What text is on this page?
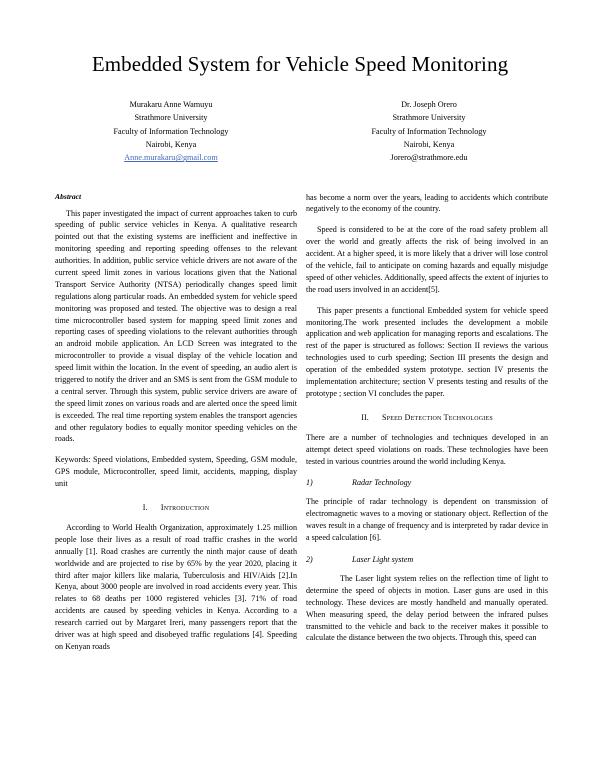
Embedded System for Vehicle Speed Monitoring
Murakaru Anne Wamuyu
Strathmore University
Faculty of Information Technology
Nairobi, Kenya
Anne.murakaru@gmail.com
Dr. Joseph Orero
Strathmore University
Faculty of Information Technology
Nairobi, Kenya
Jorero@strathmore.edu
Abstract

This paper investigated the impact of current approaches taken to curb speeding of public service vehicles in Kenya. A qualitative research pointed out that the existing systems are inefficient and ineffective in monitoring speeding and reporting speeding offenses to the relevant authorities. In addition, public service vehicle drivers are not aware of the current speed limit zones in various locations given that the National Transport Service Authority (NTSA) periodically changes speed limit regulations along particular roads. An embedded system for vehicle speed monitoring was proposed and tested. The objective was to design a real time microcontroller based system for mapping speed limit zones and reporting cases of speeding violations to the relevant authorities through an android mobile application. An LCD Screen was integrated to the microcontroller to provide a visual display of the vehicle location and speed limit within the location. In the event of speeding, an audio alert is triggered to notify the driver and an SMS is sent from the GSM module to a central server. Through this system, public service drivers are aware of the speed limit zones on various roads and are alerted once the speed limit is exceeded. The real time reporting system enables the transport agencies and other regulatory bodies to equally monitor speeding vehicles on the roads.

Keywords: Speed violations, Embedded system, Speeding, GSM module, GPS module, Microcontroller, speed limit, accidents, mapping, display unit

I. Introduction

According to World Health Organization, approximately 1.25 million people lose their lives as a result of road traffic crashes in the world annually [1]. Road crashes are currently the ninth major cause of death worldwide and are projected to rise by 65% by the year 2020, placing it third after major killers like malaria, Tuberculosis and HIV/Aids [2].In Kenya, about 3000 people are involved in road accidents every year. This relates to 68 deaths per 1000 registered vehicles [3]. 71% of road accidents are caused by speeding vehicles in Kenya. According to a research carried out by Margaret Ireri, many passengers report that the driver was at high speed and disobeyed traffic regulations [4]. Speeding on Kenyan roads

has become a norm over the years, leading to accidents which contribute negatively to the economy of the country.

Speed is considered to be at the core of the road safety problem all over the world and greatly affects the risk of being involved in an accident. At a higher speed, it is more likely that a driver will lose control of the vehicle, fail to anticipate on coming hazards and equally misjudge speed of other vehicles. Additionally, speed affects the extent of injuries to the road users involved in an accident[5].

This paper presents a functional Embedded system for vehicle speed monitoring.The work presented includes the development a mobile application and web application for managing reports and escalations. The rest of the paper is structured as follows: Section II reviews the various technologies used to curb speeding; Section III presents the design and operation of the embedded system prototype. section IV presents the implementation architecture; section V presents testing and results of the prototype ; section VI concludes the paper.

II. Speed Detection Technologies

There are a number of technologies and techniques developed in an attempt detect speed violations on roads. These technologies have been tested in various countries around the world including Kenya.

1)	Radar Technology

The principle of radar technology is dependent on transmission of electromagnetic waves to a moving or stationary object. Reflection of the waves result in a change of frequency and is interpreted by radar device in a speed calculation [6].

2)	Laser Light system

The Laser light system relies on the reflection time of light to determine the speed of objects in motion. Laser guns are used in this technology. These devices are mostly handheld and manually operated. When measuring speed, the delay period between the infrared pulses transmitted to the vehicle and back to the receiver makes it possible to calculate the distance between the two objects. Through this, speed can
